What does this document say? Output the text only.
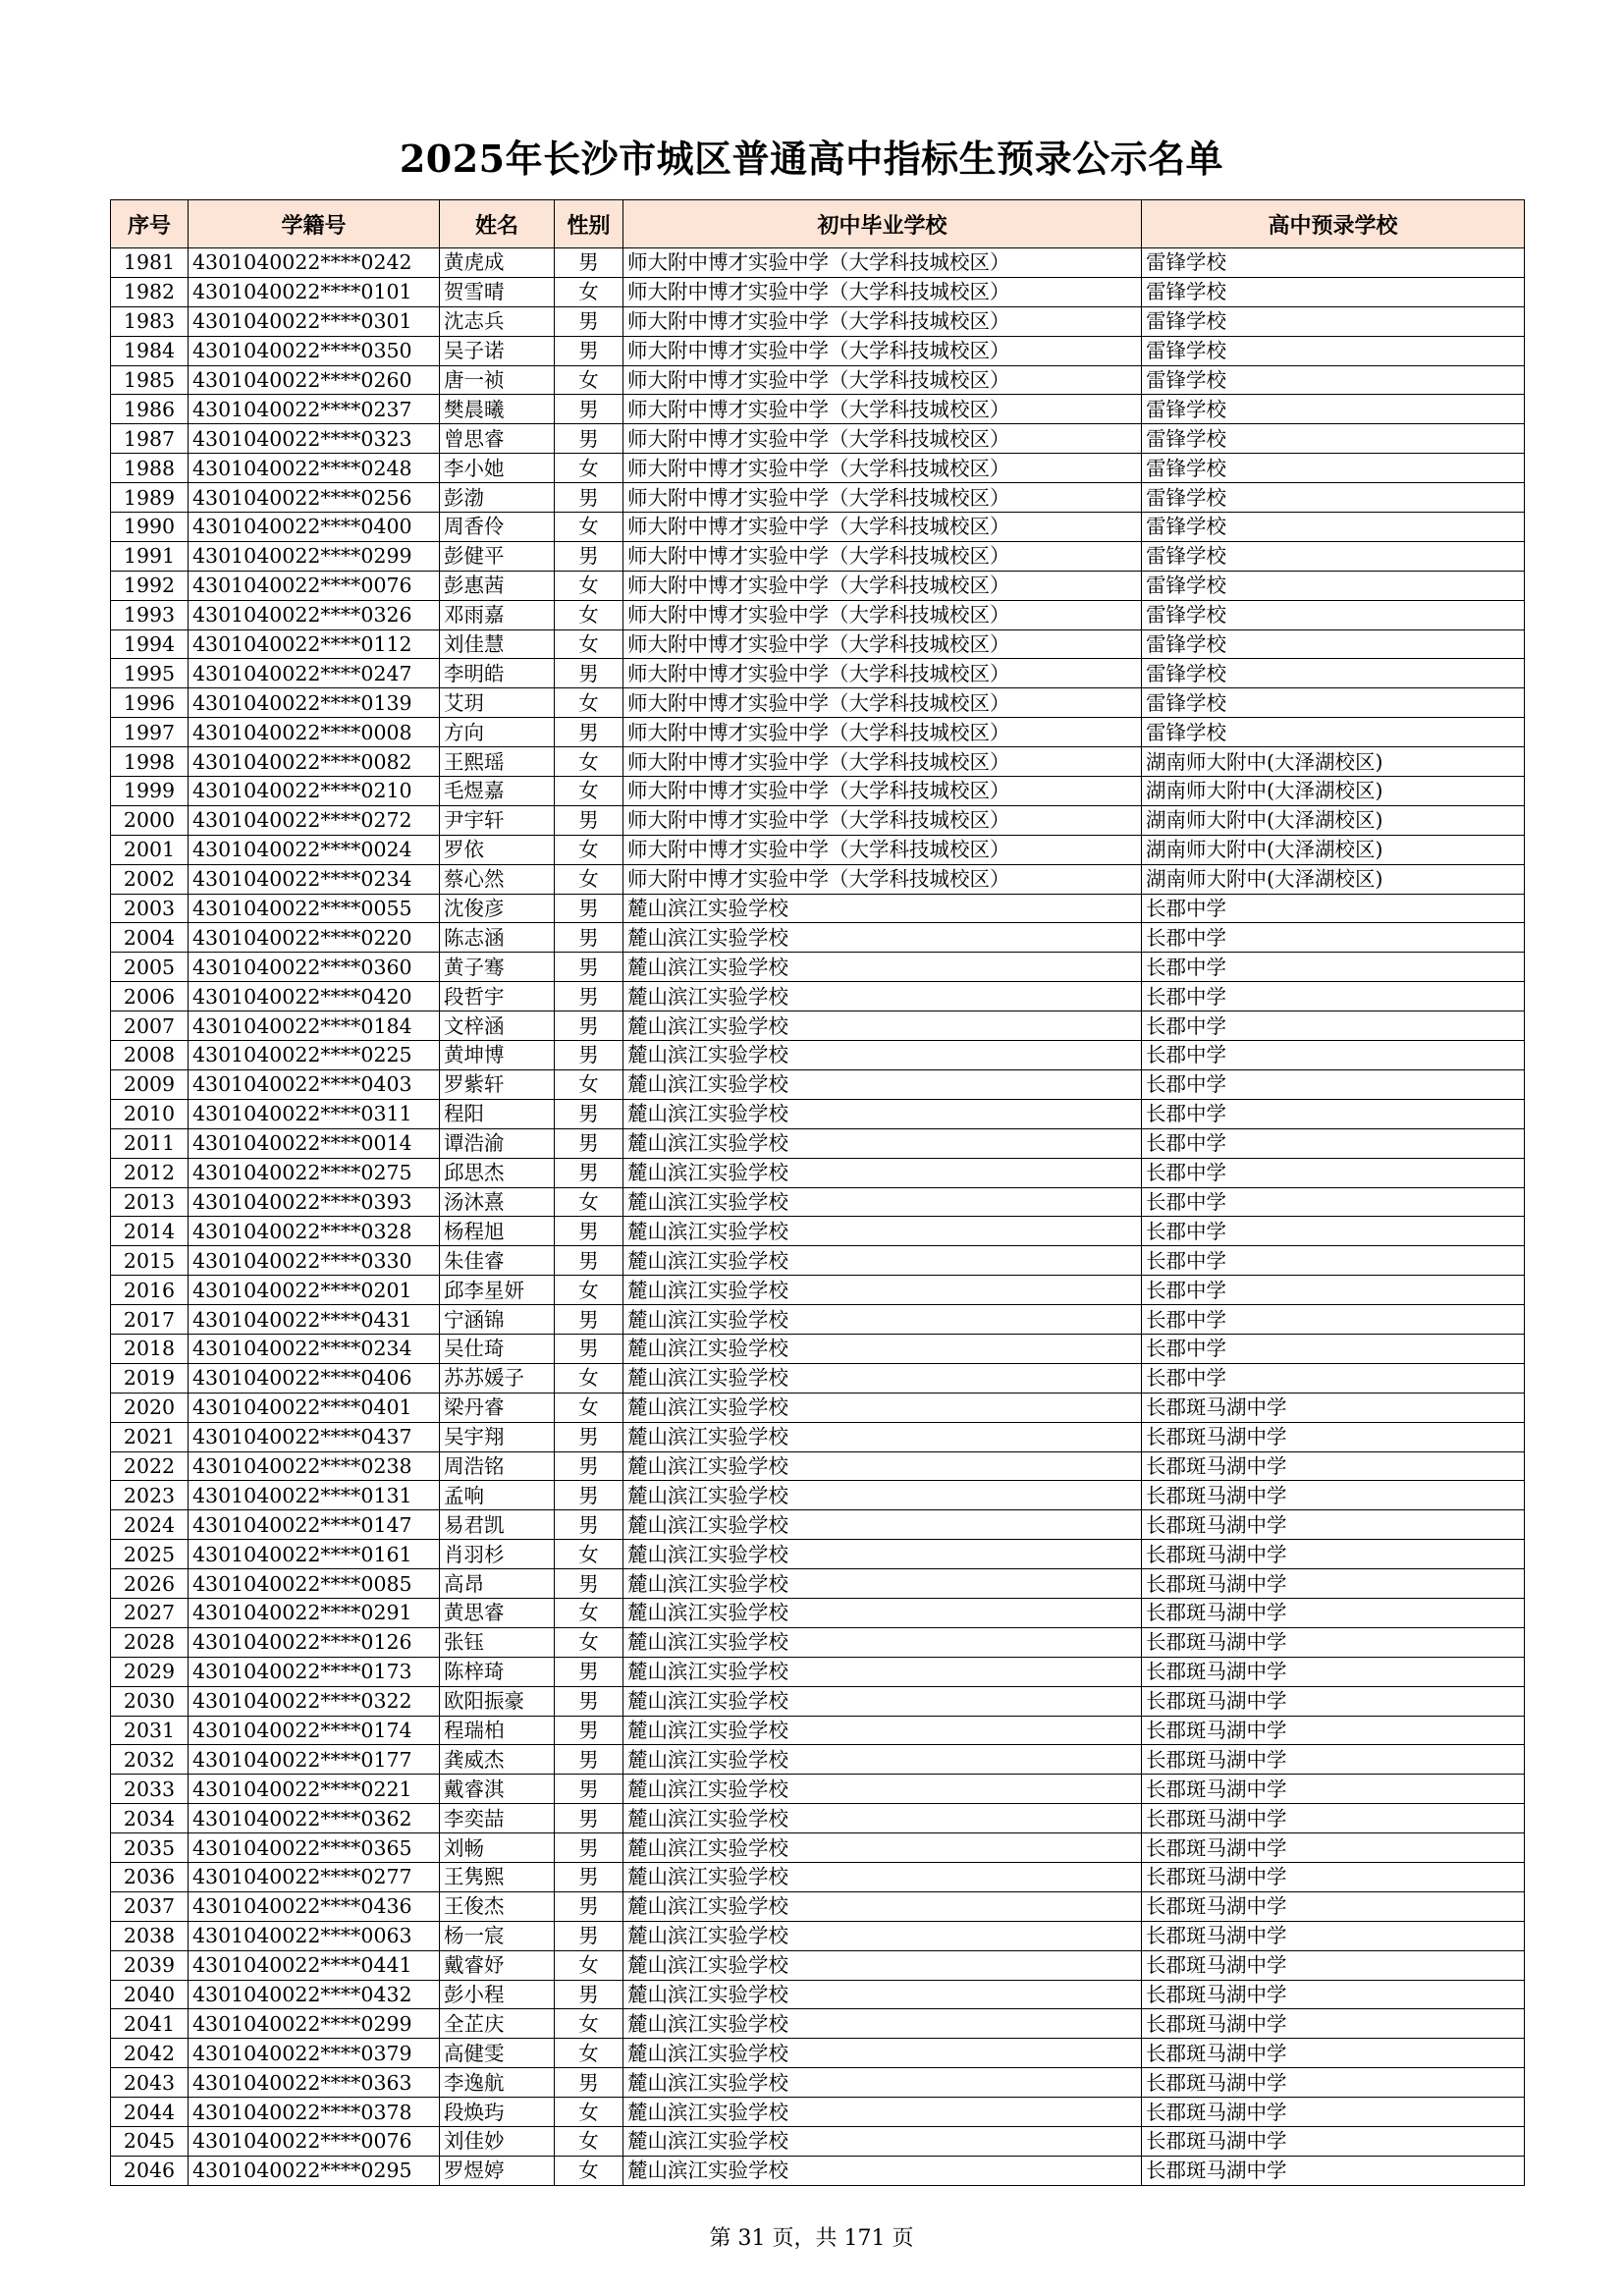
2025年长沙市城区普通高中指标生预录公示名单
序号	学籍号	姓名	性别	初中毕业学校	高中预录学校
1981	4301040022****0242	黄虎成	男	师大附中博才实验中学（大学科技城校区）	雷锋学校
1982	4301040022****0101	贺雪晴	女	师大附中博才实验中学（大学科技城校区）	雷锋学校
1983	4301040022****0301	沈志兵	男	师大附中博才实验中学（大学科技城校区）	雷锋学校
1984	4301040022****0350	吴子诺	男	师大附中博才实验中学（大学科技城校区）	雷锋学校
1985	4301040022****0260	唐一祯	女	师大附中博才实验中学（大学科技城校区）	雷锋学校
1986	4301040022****0237	樊晨曦	男	师大附中博才实验中学（大学科技城校区）	雷锋学校
1987	4301040022****0323	曾思睿	男	师大附中博才实验中学（大学科技城校区）	雷锋学校
1988	4301040022****0248	李小她	女	师大附中博才实验中学（大学科技城校区）	雷锋学校
1989	4301040022****0256	彭渤	男	师大附中博才实验中学（大学科技城校区）	雷锋学校
1990	4301040022****0400	周香伶	女	师大附中博才实验中学（大学科技城校区）	雷锋学校
1991	4301040022****0299	彭健平	男	师大附中博才实验中学（大学科技城校区）	雷锋学校
1992	4301040022****0076	彭惠茜	女	师大附中博才实验中学（大学科技城校区）	雷锋学校
1993	4301040022****0326	邓雨嘉	女	师大附中博才实验中学（大学科技城校区）	雷锋学校
1994	4301040022****0112	刘佳慧	女	师大附中博才实验中学（大学科技城校区）	雷锋学校
1995	4301040022****0247	李明皓	男	师大附中博才实验中学（大学科技城校区）	雷锋学校
1996	4301040022****0139	艾玥	女	师大附中博才实验中学（大学科技城校区）	雷锋学校
1997	4301040022****0008	方向	男	师大附中博才实验中学（大学科技城校区）	雷锋学校
1998	4301040022****0082	王熙瑶	女	师大附中博才实验中学（大学科技城校区）	湖南师大附中(大泽湖校区)
1999	4301040022****0210	毛煜嘉	女	师大附中博才实验中学（大学科技城校区）	湖南师大附中(大泽湖校区)
2000	4301040022****0272	尹宇轩	男	师大附中博才实验中学（大学科技城校区）	湖南师大附中(大泽湖校区)
2001	4301040022****0024	罗依	女	师大附中博才实验中学（大学科技城校区）	湖南师大附中(大泽湖校区)
2002	4301040022****0234	蔡心然	女	师大附中博才实验中学（大学科技城校区）	湖南师大附中(大泽湖校区)
2003	4301040022****0055	沈俊彦	男	麓山滨江实验学校	长郡中学
2004	4301040022****0220	陈志涵	男	麓山滨江实验学校	长郡中学
2005	4301040022****0360	黄子骞	男	麓山滨江实验学校	长郡中学
2006	4301040022****0420	段哲宇	男	麓山滨江实验学校	长郡中学
2007	4301040022****0184	文梓涵	男	麓山滨江实验学校	长郡中学
2008	4301040022****0225	黄坤博	男	麓山滨江实验学校	长郡中学
2009	4301040022****0403	罗紫轩	女	麓山滨江实验学校	长郡中学
2010	4301040022****0311	程阳	男	麓山滨江实验学校	长郡中学
2011	4301040022****0014	谭浩渝	男	麓山滨江实验学校	长郡中学
2012	4301040022****0275	邱思杰	男	麓山滨江实验学校	长郡中学
2013	4301040022****0393	汤沐熹	女	麓山滨江实验学校	长郡中学
2014	4301040022****0328	杨程旭	男	麓山滨江实验学校	长郡中学
2015	4301040022****0330	朱佳睿	男	麓山滨江实验学校	长郡中学
2016	4301040022****0201	邱李星妍	女	麓山滨江实验学校	长郡中学
2017	4301040022****0431	宁涵锦	男	麓山滨江实验学校	长郡中学
2018	4301040022****0234	吴仕琦	男	麓山滨江实验学校	长郡中学
2019	4301040022****0406	苏苏媛子	女	麓山滨江实验学校	长郡中学
2020	4301040022****0401	梁丹睿	女	麓山滨江实验学校	长郡斑马湖中学
2021	4301040022****0437	吴宇翔	男	麓山滨江实验学校	长郡斑马湖中学
2022	4301040022****0238	周浩铭	男	麓山滨江实验学校	长郡斑马湖中学
2023	4301040022****0131	孟响	男	麓山滨江实验学校	长郡斑马湖中学
2024	4301040022****0147	易君凯	男	麓山滨江实验学校	长郡斑马湖中学
2025	4301040022****0161	肖羽杉	女	麓山滨江实验学校	长郡斑马湖中学
2026	4301040022****0085	高昂	男	麓山滨江实验学校	长郡斑马湖中学
2027	4301040022****0291	黄思睿	女	麓山滨江实验学校	长郡斑马湖中学
2028	4301040022****0126	张钰	女	麓山滨江实验学校	长郡斑马湖中学
2029	4301040022****0173	陈梓琦	男	麓山滨江实验学校	长郡斑马湖中学
2030	4301040022****0322	欧阳振豪	男	麓山滨江实验学校	长郡斑马湖中学
2031	4301040022****0174	程瑞柏	男	麓山滨江实验学校	长郡斑马湖中学
2032	4301040022****0177	龚威杰	男	麓山滨江实验学校	长郡斑马湖中学
2033	4301040022****0221	戴睿淇	男	麓山滨江实验学校	长郡斑马湖中学
2034	4301040022****0362	李奕喆	男	麓山滨江实验学校	长郡斑马湖中学
2035	4301040022****0365	刘畅	男	麓山滨江实验学校	长郡斑马湖中学
2036	4301040022****0277	王隽熙	男	麓山滨江实验学校	长郡斑马湖中学
2037	4301040022****0436	王俊杰	男	麓山滨江实验学校	长郡斑马湖中学
2038	4301040022****0063	杨一宸	男	麓山滨江实验学校	长郡斑马湖中学
2039	4301040022****0441	戴睿妤	女	麓山滨江实验学校	长郡斑马湖中学
2040	4301040022****0432	彭小程	男	麓山滨江实验学校	长郡斑马湖中学
2041	4301040022****0299	全芷庆	女	麓山滨江实验学校	长郡斑马湖中学
2042	4301040022****0379	高健雯	女	麓山滨江实验学校	长郡斑马湖中学
2043	4301040022****0363	李逸航	男	麓山滨江实验学校	长郡斑马湖中学
2044	4301040022****0378	段焕玙	女	麓山滨江实验学校	长郡斑马湖中学
2045	4301040022****0076	刘佳妙	女	麓山滨江实验学校	长郡斑马湖中学
2046	4301040022****0295	罗煜婷	女	麓山滨江实验学校	长郡斑马湖中学
第 31 页，共 171 页
